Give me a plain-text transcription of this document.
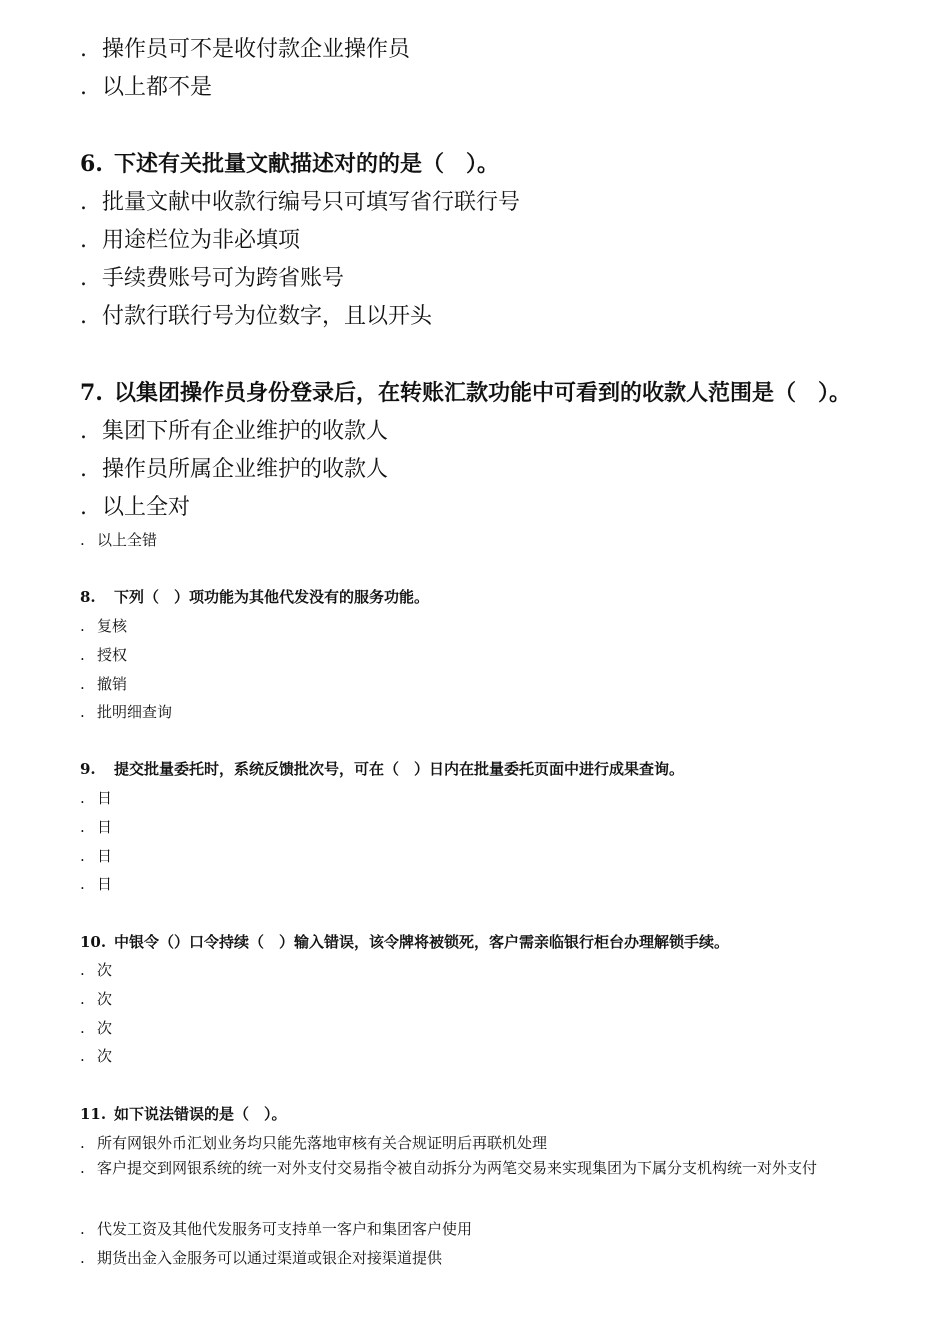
. 操作员可不是收付款企业操作员
. 以上都不是
6. 下述有关批量文献描述对的的是（　）。
. 批量文献中收款行编号只可填写省行联行号
. 用途栏位为非必填项
. 手续费账号可为跨省账号
. 付款行联行号为位数字，且以开头
7. 以集团操作员身份登录后，在转账汇款功能中可看到的收款人范围是（　）。
. 集团下所有企业维护的收款人
. 操作员所属企业维护的收款人
. 以上全对
. 以上全错
8. 下列（　）项功能为其他代发没有的服务功能。
. 复核
. 授权
. 撤销
. 批明细查询
9. 提交批量委托时，系统反馈批次号，可在（　）日内在批量委托页面中进行成果查询。
. 日
. 日
. 日
. 日
10. 中银令（）口令持续（　）输入错误，该令牌将被锁死，客户需亲临银行柜台办理解锁手续。
. 次
. 次
. 次
. 次
11. 如下说法错误的是（　）。
. 所有网银外币汇划业务均只能先落地审核有关合规证明后再联机处理
. 客户提交到网银系统的统一对外支付交易指令被自动拆分为两笔交易来实现集团为下属分支机构统一对外支付
. 代发工资及其他代发服务可支持单一客户和集团客户使用
. 期货出金入金服务可以通过渠道或银企对接渠道提供
